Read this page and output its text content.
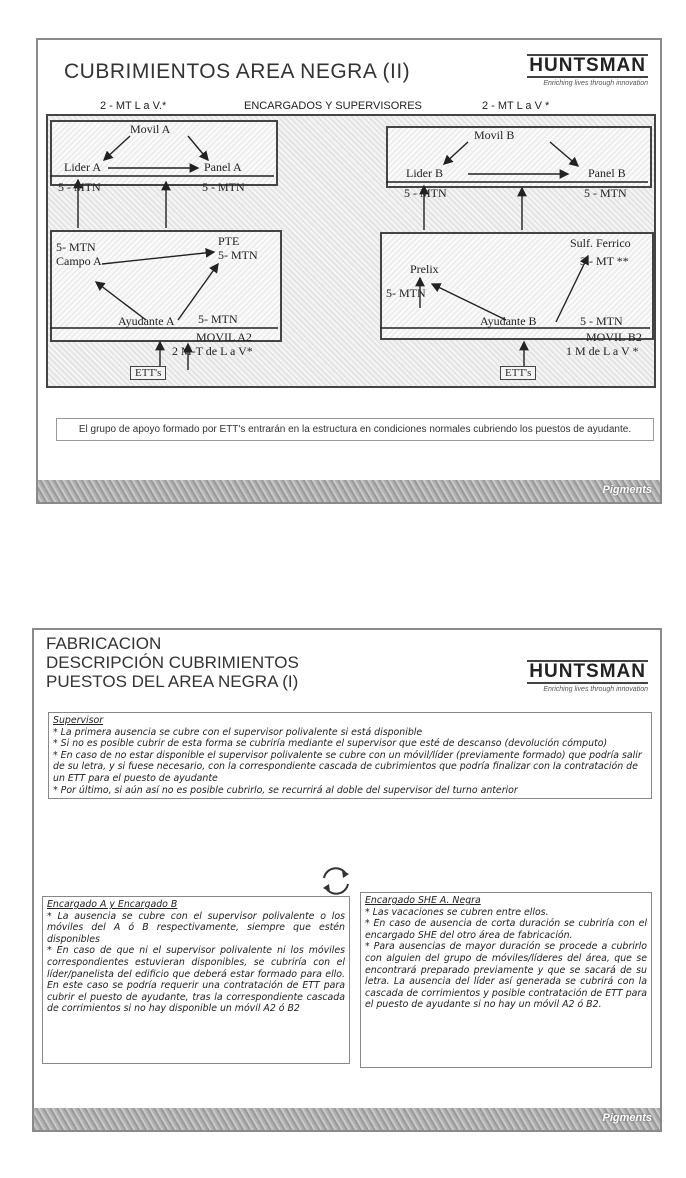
CUBRIMIENTOS AREA NEGRA (II)	HUNTSMAN
Enriching lives through innovation
2 - MT L a V.*	ENCARGADOS Y SUPERVISORES	2 - MT L a V *
Movil A
Lider A	Panel A
5 - MTN	5 - MTN
5- MTN
Campo A
PTE
5- MTN
Ayudante A 5- MTN
MOVIL A2
2 M-T de L a V*
ETT's
Movil B
Lider B	Panel B
5 - MTN	5 - MTN
Sulf. Ferrico
3 - MT **
Prelix
5- MTN
Ayudante B	5 - MTN
MOVIL B2
1 M de L a V *
ETT's
El grupo de apoyo formado por ETT's entrarán en la estructura en condiciones normales cubriendo los puestos de ayudante.
Pigments
FABRICACION
DESCRIPCIÓN CUBRIMIENTOS
PUESTOS DEL AREA NEGRA (I)	HUNTSMAN
Enriching lives through innovation

Supervisor

* La primera ausencia se cubre con el supervisor polivalente si está disponible

* Si no es posible cubrir de esta forma se cubriría mediante el supervisor que esté de descanso (devolución cómputo)

* En caso de no estar disponible el supervisor polivalente se cubre con un móvil/líder (previamente formado) que podría salir de su letra, y si fuese necesario, con la correspondiente cascada de cubrimientos que podría finalizar con la contratación de un ETT para el puesto de ayudante

* Por último, si aún así no es posible cubrirlo, se recurrirá al doble del supervisor del turno anterior

Encargado A y Encargado B

* La ausencia se cubre con el supervisor polivalente o los móviles del A ó B respectivamente, siempre que estén disponibles

* En caso de que ni el supervisor polivalente ni los móviles correspondientes estuvieran disponibles, se cubriría con el líder/panelista del edificio que deberá estar formado para ello. En este caso se podría requerir una contratación de ETT para cubrir el puesto de ayudante, tras la correspondiente cascada de corrimientos si no hay disponible un móvil A2 ó B2

Encargado SHE A. Negra

* Las vacaciones se cubren entre ellos.

* En caso de ausencia de corta duración se cubriría con el encargado SHE del otro área de fabricación.

* Para ausencias de mayor duración se procede a cubrirlo con alguien del grupo de móviles/líderes del área, que se encontrará preparado previamente y que se sacará de su letra. La ausencia del líder así generada se cubrirá con la cascada de corrimientos y posible contratación de ETT para el puesto de ayudante si no hay un móvil A2 ó B2.

Pigments
